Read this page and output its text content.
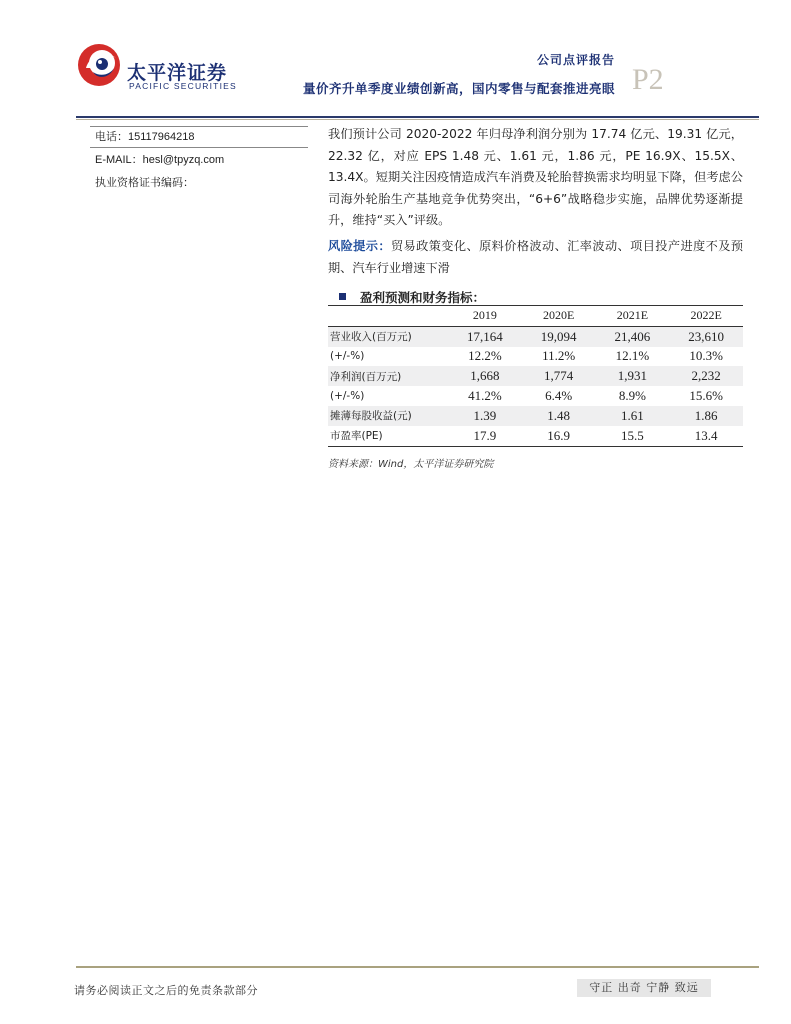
太平洋证券
PACIFIC SECURITIES
公司点评报告
量价齐升单季度业绩创新高，国内零售与配套推进亮眼 P2
电话：15117964218
E-MAIL：hesl@tpyzq.com
执业资格证书编码：
我们预计公司 2020-2022 年归母净利润分别为 17.74 亿元、19.31 亿元，22.32 亿，对应 EPS 1.48 元、1.61 元，1.86 元，PE 16.9X、15.5X、13.4X。短期关注因疫情造成汽车消费及轮胎替换需求均明显下降，但考虑公司海外轮胎生产基地竞争优势突出，“6+6”战略稳步实施，品牌优势逐渐提升，维持“买入”评级。
风险提示：贸易政策变化、原料价格波动、汇率波动、项目投产进度不及预期、汽车行业增速下滑
盈利预测和财务指标：
	2019	2020E	2021E	2022E
营业收入(百万元)	17,164	19,094	21,406	23,610
(+/-%)	12.2%	11.2%	12.1%	10.3%
净利润(百万元)	1,668	1,774	1,931	2,232
(+/-%)	41.2%	6.4%	8.9%	15.6%
摊薄每股收益(元)	1.39	1.48	1.61	1.86
市盈率(PE)	17.9	16.9	15.5	13.4
资料来源：Wind，太平洋证券研究院
请务必阅读正文之后的免责条款部分	守正 出奇 宁静 致远
